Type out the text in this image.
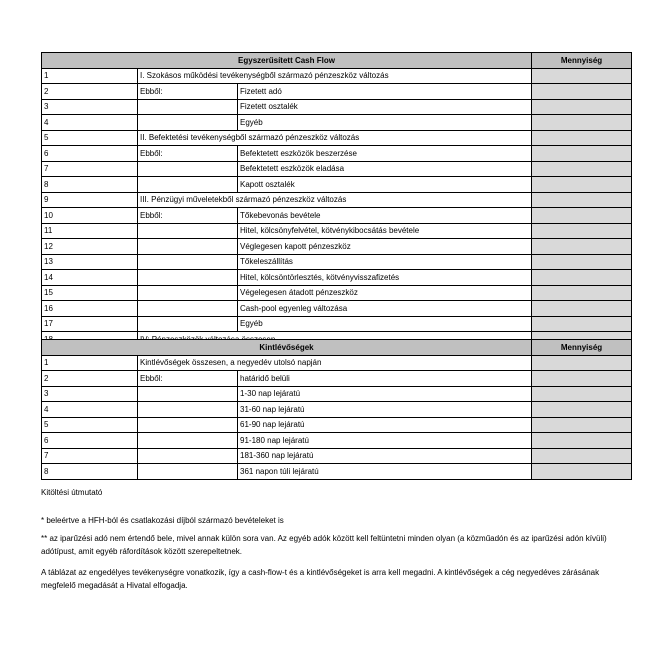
Egyszerűsített Cash Flow			Mennyiség
1	I. Szokásos működési tevékenységből származó pénzeszköz változás		
2	Ebből:	Fizetett adó	
3		Fizetett osztalék	
4		Egyéb	
5	II. Befektetési tevékenységből származó pénzeszköz változás		
6	Ebből:	Befektetett eszközök beszerzése	
7		Befektetett eszközök eladása	
8		Kapott osztalék	
9	III. Pénzügyi műveletekből származó pénzeszköz változás		
10	Ebből:	Tőkebevonás bevétele	
11		Hitel, kölcsönyfelvétel, kötvénykibocsátás bevétele	
12		Véglegesen kapott pénzeszköz	
13		Tőkeleszállítás	
14		Hitel, kölcsöntörlesztés, kötvényvisszafizetés	
15		Végelegesen átadott pénzeszköz	
16		Cash-pool egyenleg változása	
17		Egyéb	

Kintlévőségek			Mennyiség
1	Kintlévőségek összesen, a negyedév utolsó napján		
2	Ebből:	határidő belüli	
3		1-30 nap lejáratú	
4		31-60 nap lejáratú	
5		61-90 nap lejáratú	
6		91-180 nap lejáratú	
7		181-360 nap lejáratú	
8		361 napon túli lejáratú	
Kitöltési útmutató
* beleértve a HFH-ból és csatlakozási díjból származó bevételeket is
** az iparűzési adó nem értendő bele, mivel annak külön sora van. Az egyéb adók között kell feltüntetni minden olyan (a közműadón és az iparűzési adón kívüli) adótípust, amit egyéb ráfordítások között szerepeltetnek.
A táblázat az engedélyes tevékenységre vonatkozik, így a cash-flow-t és a kintlévőségeket is arra kell megadni. A kintlévőségek a cég negyedéves zárásának megfelelő megadását a Hivatal elfogadja.
